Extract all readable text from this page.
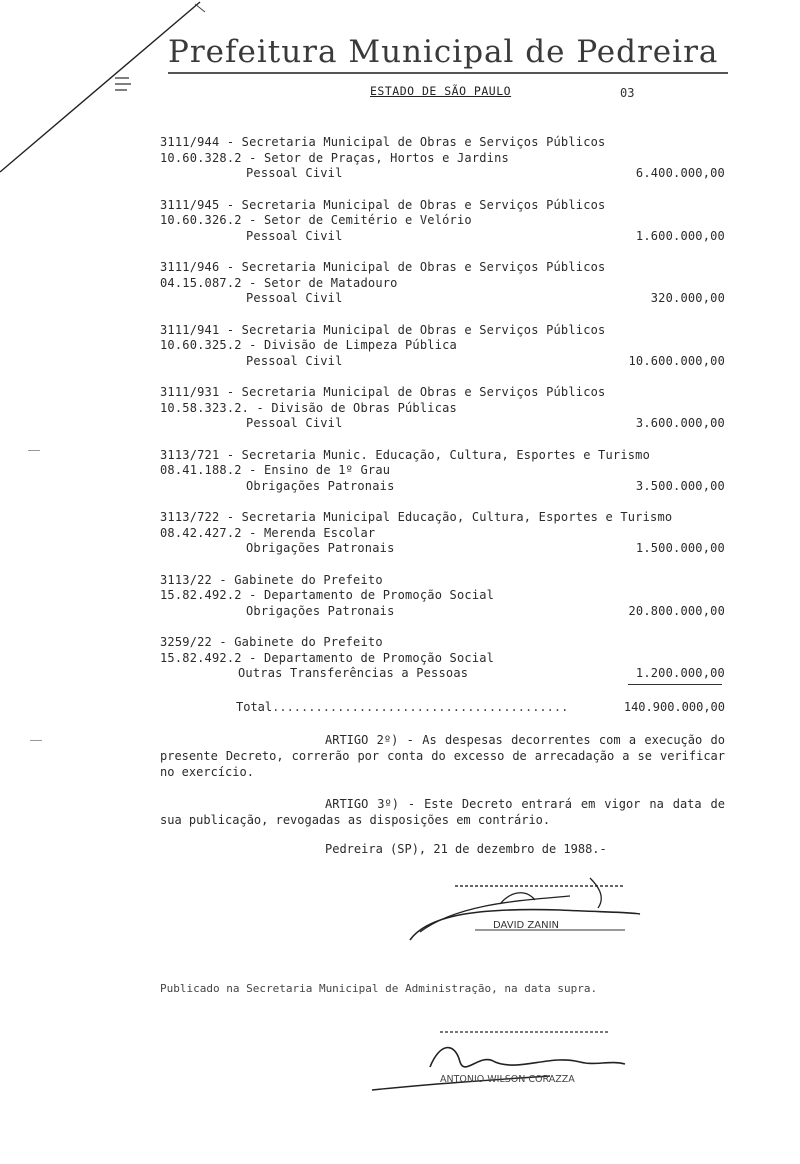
Prefeitura Municipal de Pedreira
ESTADO DE SÃO PAULO	03
3111/944 - Secretaria Municipal de Obras e Serviços Públicos
10.60.328.2 - Setor de Praças, Hortos e Jardins
Pessoal Civil	6.400.000,00
3111/945 - Secretaria Municipal de Obras e Serviços Públicos
10.60.326.2 - Setor de Cemitério e Velório
Pessoal Civil	1.600.000,00
3111/946 - Secretaria Municipal de Obras e Serviços Públicos
04.15.087.2 - Setor de Matadouro
Pessoal Civil	320.000,00
3111/941 - Secretaria Municipal de Obras e Serviços Públicos
10.60.325.2 - Divisão de Limpeza Pública
Pessoal Civil	10.600.000,00
3111/931 - Secretaria Municipal de Obras e Serviços Públicos
10.58.323.2. - Divisão de Obras Públicas
Pessoal Civil	3.600.000,00
3113/721 - Secretaria Munic. Educação, Cultura, Esportes e Turismo
08.41.188.2 - Ensino de 1º Grau
Obrigações Patronais	3.500.000,00
3113/722 - Secretaria Municipal Educação, Cultura, Esportes e Turismo
08.42.427.2 - Merenda Escolar
Obrigações Patronais	1.500.000,00
3113/22 - Gabinete do Prefeito
15.82.492.2 - Departamento de Promoção Social
Obrigações Patronais	20.800.000,00
3259/22 - Gabinete do Prefeito
15.82.492.2 - Departamento de Promoção Social
Outras Transferências a Pessoas	1.200.000,00
Total.........................................	140.900.000,00
ARTIGO 2º) - As despesas decorrentes com a execução do presente Decreto, correrão por conta do excesso de arrecadação a se verificar no exercício.
ARTIGO 3º) - Este Decreto entrará em vigor na data de sua publicação, revogadas as disposições em contrário.
Pedreira (SP), 21 de dezembro de 1988.-
DAVID ZANIN
Publicado na Secretaria Municipal de Administração, na data supra.
ANTONIO WILSON CORAZZA
